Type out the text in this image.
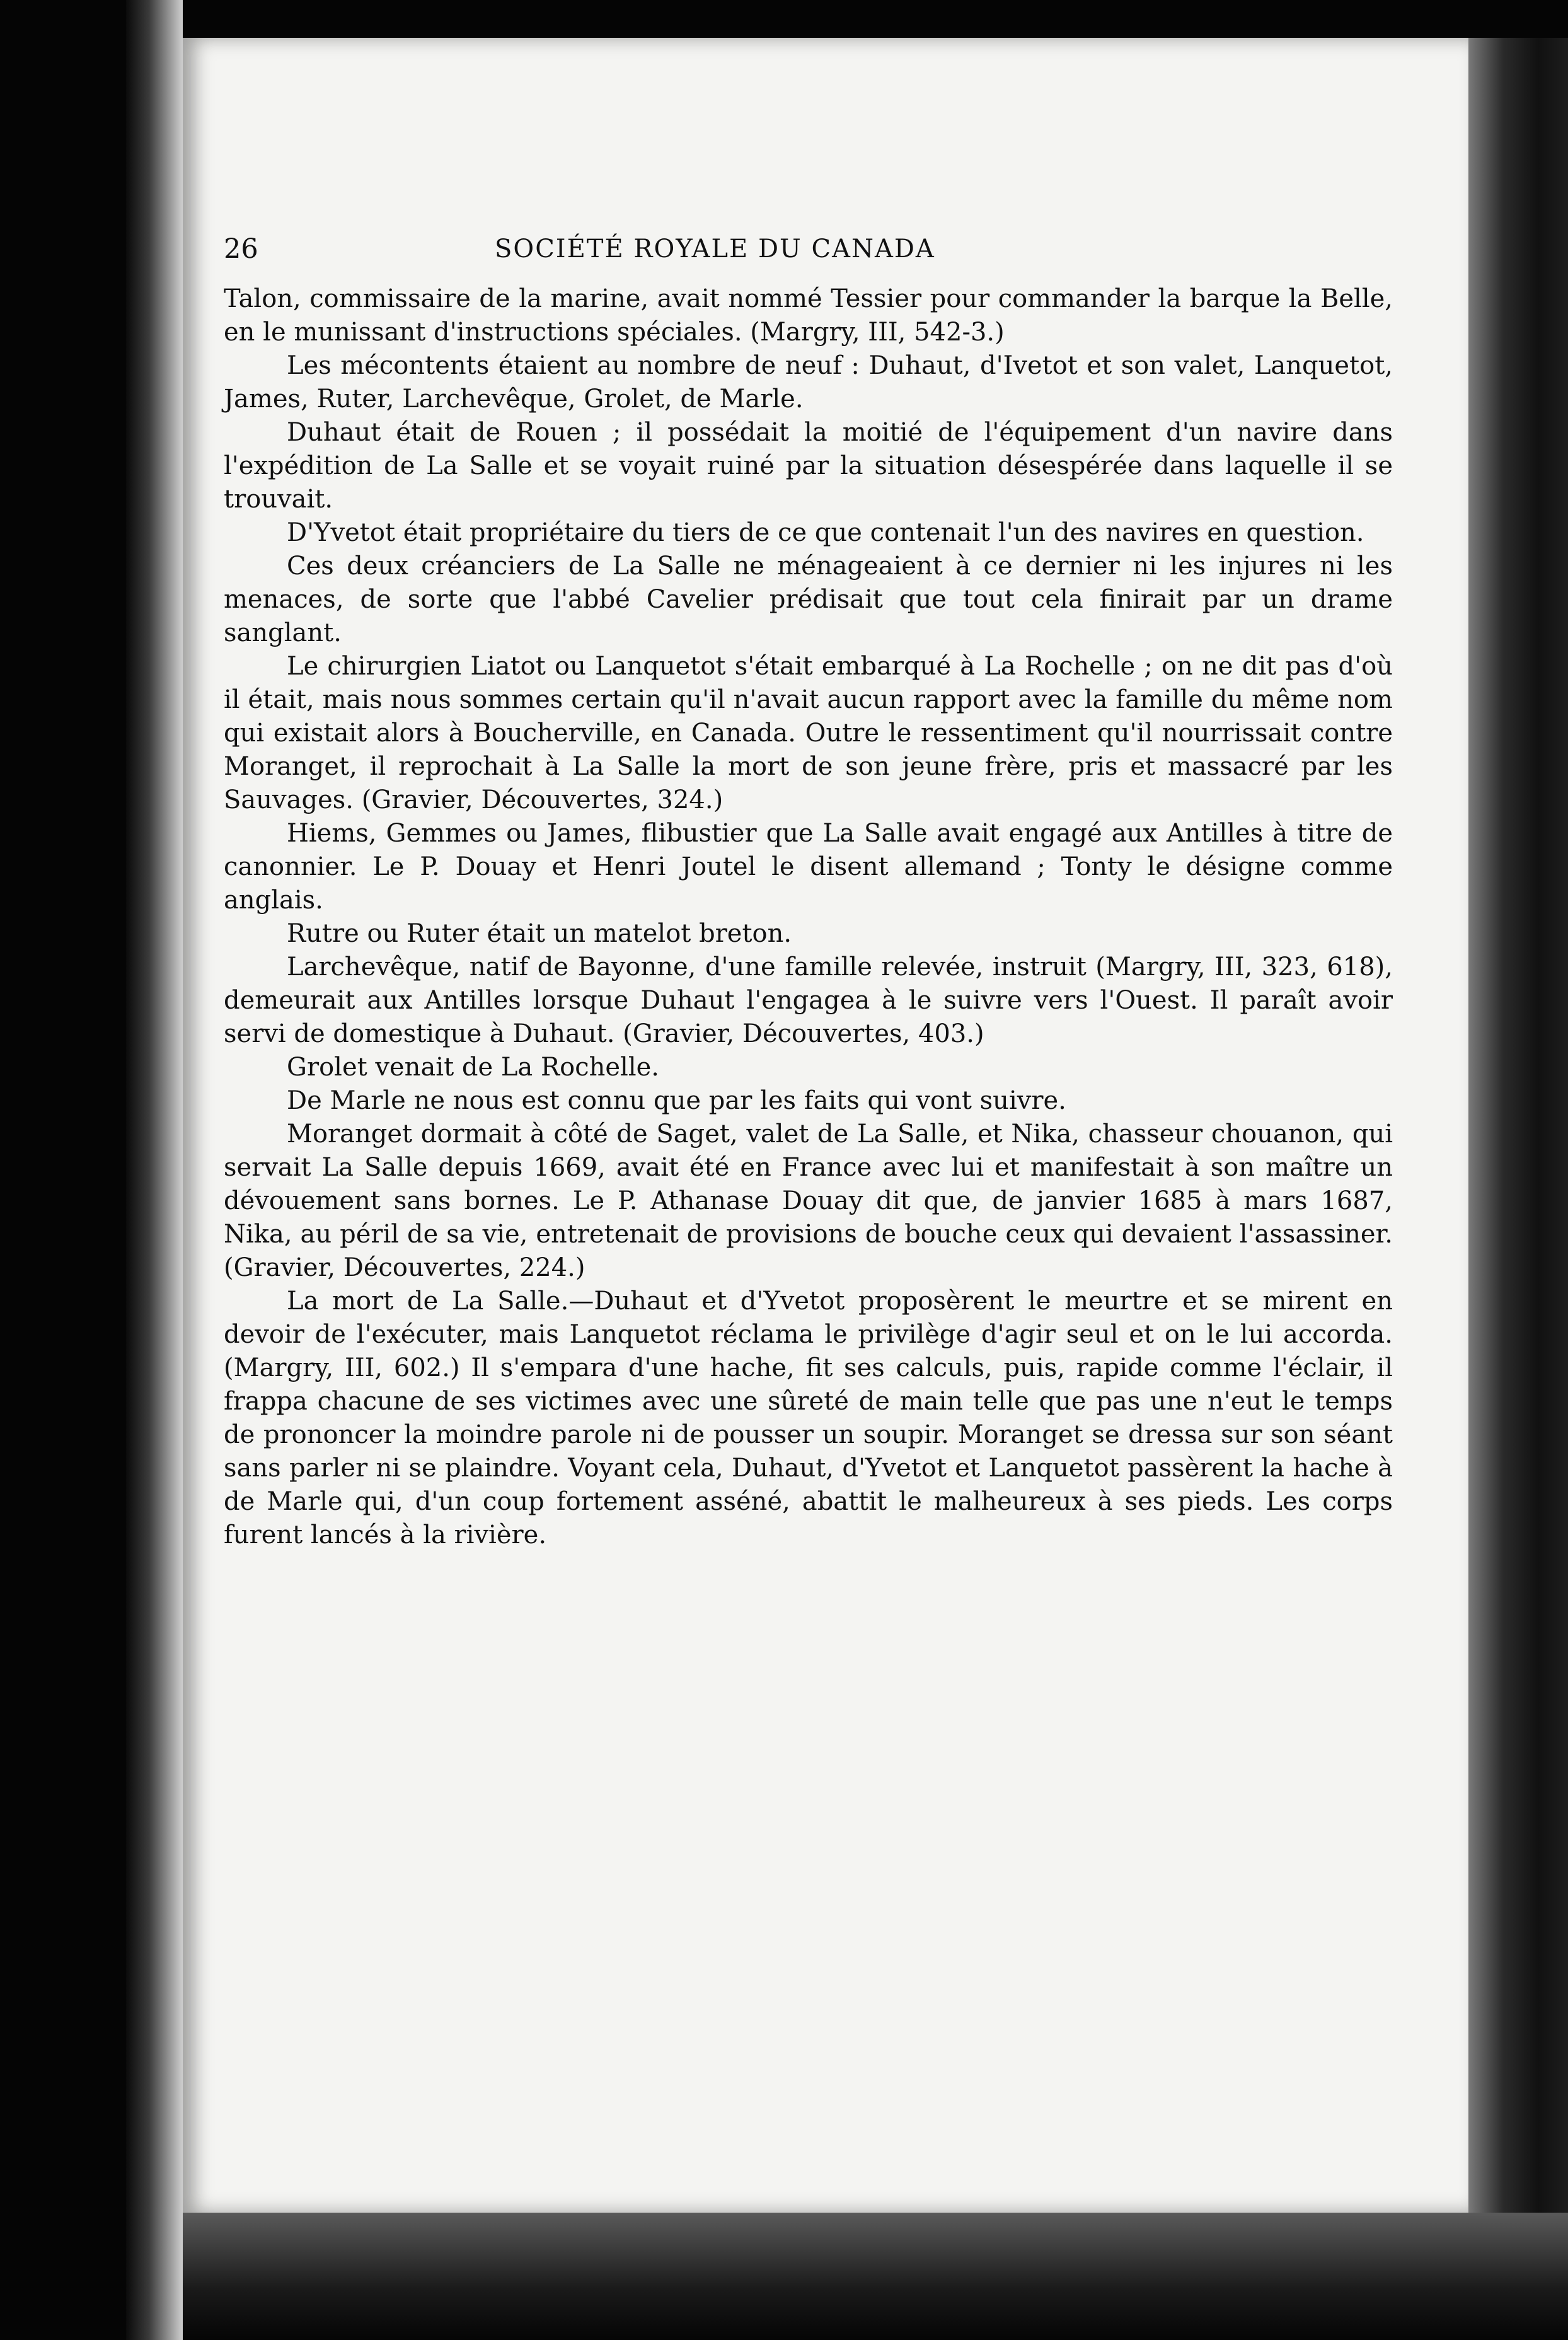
26	SOCIÉTÉ ROYALE DU CANADA

Talon, commissaire de la marine, avait nommé Tessier pour commander la barque la Belle, en le munissant d'instructions spéciales. (Margry, III, 542-3.)

Les mécontents étaient au nombre de neuf : Duhaut, d'Ivetot et son valet, Lanquetot, James, Ruter, Larchevêque, Grolet, de Marle.

Duhaut était de Rouen ; il possédait la moitié de l'équipement d'un navire dans l'expédition de La Salle et se voyait ruiné par la situation désespérée dans laquelle il se trouvait.

D'Yvetot était propriétaire du tiers de ce que contenait l'un des navires en question.

Ces deux créanciers de La Salle ne ménageaient à ce dernier ni les injures ni les menaces, de sorte que l'abbé Cavelier prédisait que tout cela finirait par un drame sanglant.

Le chirurgien Liatot ou Lanquetot s'était embarqué à La Rochelle ; on ne dit pas d'où il était, mais nous sommes certain qu'il n'avait aucun rapport avec la famille du même nom qui existait alors à Boucherville, en Canada. Outre le ressentiment qu'il nourrissait contre Moranget, il reprochait à La Salle la mort de son jeune frère, pris et massacré par les Sauvages. (Gravier, Découvertes, 324.)

Hiems, Gemmes ou James, flibustier que La Salle avait engagé aux Antilles à titre de canonnier. Le P. Douay et Henri Joutel le disent allemand ; Tonty le désigne comme anglais.

Rutre ou Ruter était un matelot breton.

Larchevêque, natif de Bayonne, d'une famille relevée, instruit (Margry, III, 323, 618), demeurait aux Antilles lorsque Duhaut l'engagea à le suivre vers l'Ouest. Il paraît avoir servi de domestique à Duhaut. (Gravier, Découvertes, 403.)

Grolet venait de La Rochelle.

De Marle ne nous est connu que par les faits qui vont suivre.

Moranget dormait à côté de Saget, valet de La Salle, et Nika, chasseur chouanon, qui servait La Salle depuis 1669, avait été en France avec lui et manifestait à son maître un dévouement sans bornes. Le P. Athanase Douay dit que, de janvier 1685 à mars 1687, Nika, au péril de sa vie, entretenait de provisions de bouche ceux qui devaient l'assassiner. (Gravier, Découvertes, 224.)

La mort de La Salle.—Duhaut et d'Yvetot proposèrent le meurtre et se mirent en devoir de l'exécuter, mais Lanquetot réclama le privilège d'agir seul et on le lui accorda. (Margry, III, 602.) Il s'empara d'une hache, fit ses calculs, puis, rapide comme l'éclair, il frappa chacune de ses victimes avec une sûreté de main telle que pas une n'eut le temps de prononcer la moindre parole ni de pousser un soupir. Moranget se dressa sur son séant sans parler ni se plaindre. Voyant cela, Duhaut, d'Yvetot et Lanquetot passèrent la hache à de Marle qui, d'un coup fortement asséné, abattit le malheureux à ses pieds. Les corps furent lancés à la rivière.
